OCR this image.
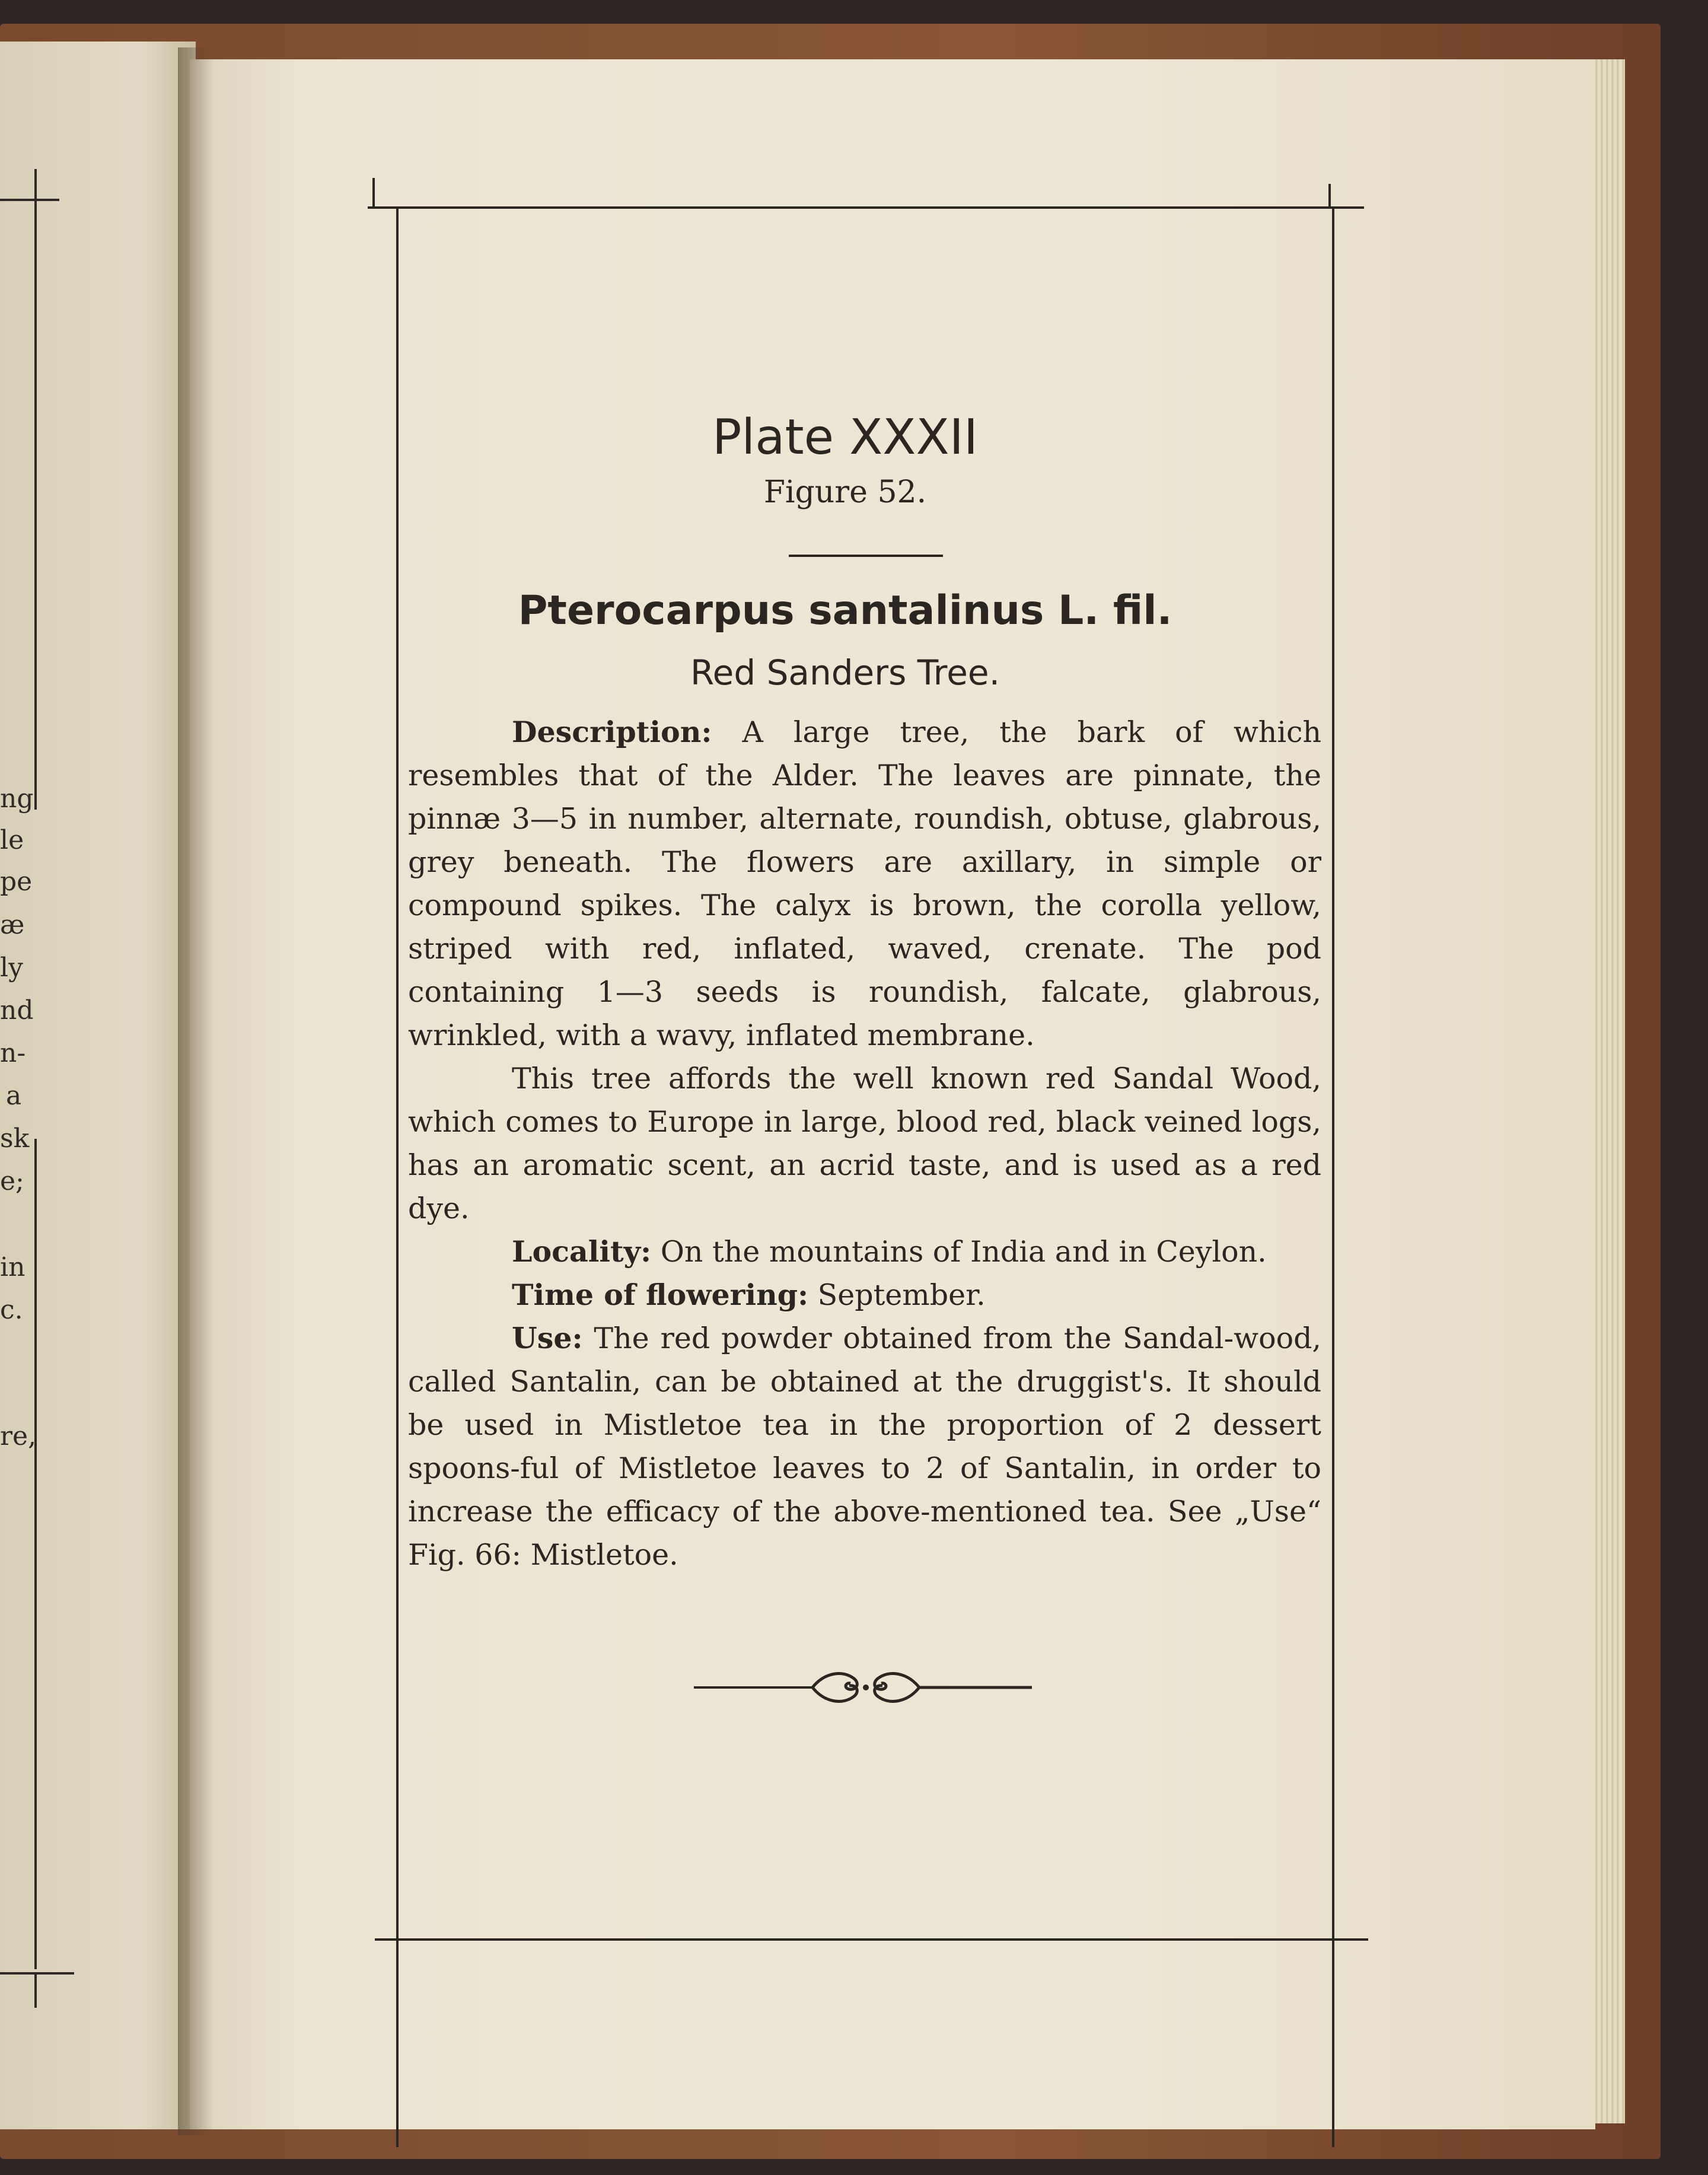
ng
le
pe
æ
ly
nd
n-
a
sk
e;
in
c.
re,
Plate XXXII
Figure 52.
Pterocarpus santalinus L. fil.
Red Sanders Tree.

Description: A large tree, the bark of which resembles that of the Alder. The leaves are pinnate, the pinnæ 3—5 in number, alternate, roundish, obtuse, glabrous, grey beneath. The flowers are axillary, in simple or compound spikes. The calyx is brown, the corolla yellow, striped with red, inflated, waved, crenate. The pod containing 1—3 seeds is roundish, falcate, glabrous, wrinkled, with a wavy, inflated membrane.

This tree affords the well known red Sandal Wood, which comes to Europe in large, blood red, black veined logs, has an aromatic scent, an acrid taste, and is used as a red dye.

Locality: On the mountains of India and in Ceylon.

Time of flowering: September.

Use: The red powder obtained from the Sandal-wood, called Santalin, can be obtained at the druggist's. It should be used in Mistletoe tea in the proportion of 2 dessert spoons-ful of Mistletoe leaves to 2 of Santalin, in order to increase the efficacy of the above-mentioned tea. See „Use“ Fig. 66: Mistletoe.
